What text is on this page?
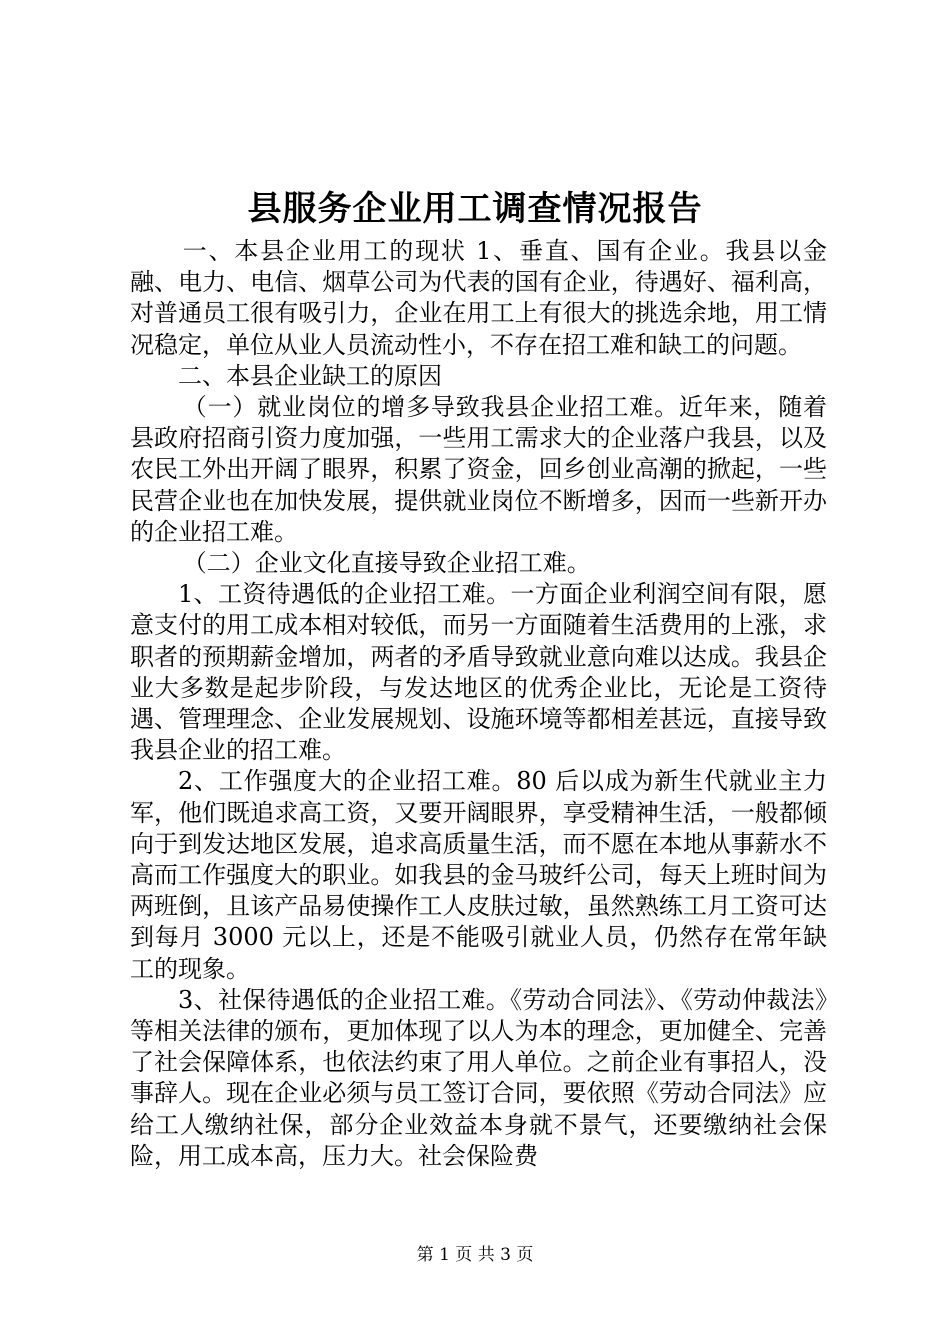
县服务企业用工调查情况报告

一、本县企业用工的现状 1、垂直、国有企业。我县以金融、电力、电信、烟草公司为代表的国有企业，待遇好、福利高，对普通员工很有吸引力，企业在用工上有很大的挑选余地，用工情况稳定，单位从业人员流动性小，不存在招工难和缺工的问题。

二、本县企业缺工的原因

（一）就业岗位的增多导致我县企业招工难。近年来，随着县政府招商引资力度加强，一些用工需求大的企业落户我县，以及农民工外出开阔了眼界，积累了资金，回乡创业高潮的掀起，一些民营企业也在加快发展，提供就业岗位不断增多，因而一些新开办的企业招工难。

（二）企业文化直接导致企业招工难。

1、工资待遇低的企业招工难。一方面企业利润空间有限，愿意支付的用工成本相对较低，而另一方面随着生活费用的上涨，求职者的预期薪金增加，两者的矛盾导致就业意向难以达成。我县企业大多数是起步阶段，与发达地区的优秀企业比，无论是工资待遇、管理理念、企业发展规划、设施环境等都相差甚远，直接导致我县企业的招工难。

2、工作强度大的企业招工难。80 后以成为新生代就业主力军，他们既追求高工资，又要开阔眼界，享受精神生活，一般都倾向于到发达地区发展，追求高质量生活，而不愿在本地从事薪水不高而工作强度大的职业。如我县的金马玻纤公司，每天上班时间为两班倒，且该产品易使操作工人皮肤过敏，虽然熟练工月工资可达到每月 3000 元以上，还是不能吸引就业人员，仍然存在常年缺工的现象。

3、社保待遇低的企业招工难。《劳动合同法》、《劳动仲裁法》等相关法律的颁布，更加体现了以人为本的理念，更加健全、完善了社会保障体系，也依法约束了用人单位。之前企业有事招人，没事辞人。现在企业必须与员工签订合同，要依照《劳动合同法》应给工人缴纳社保，部分企业效益本身就不景气，还要缴纳社会保险，用工成本高，压力大。社会保险费

第 1 页 共 3 页
